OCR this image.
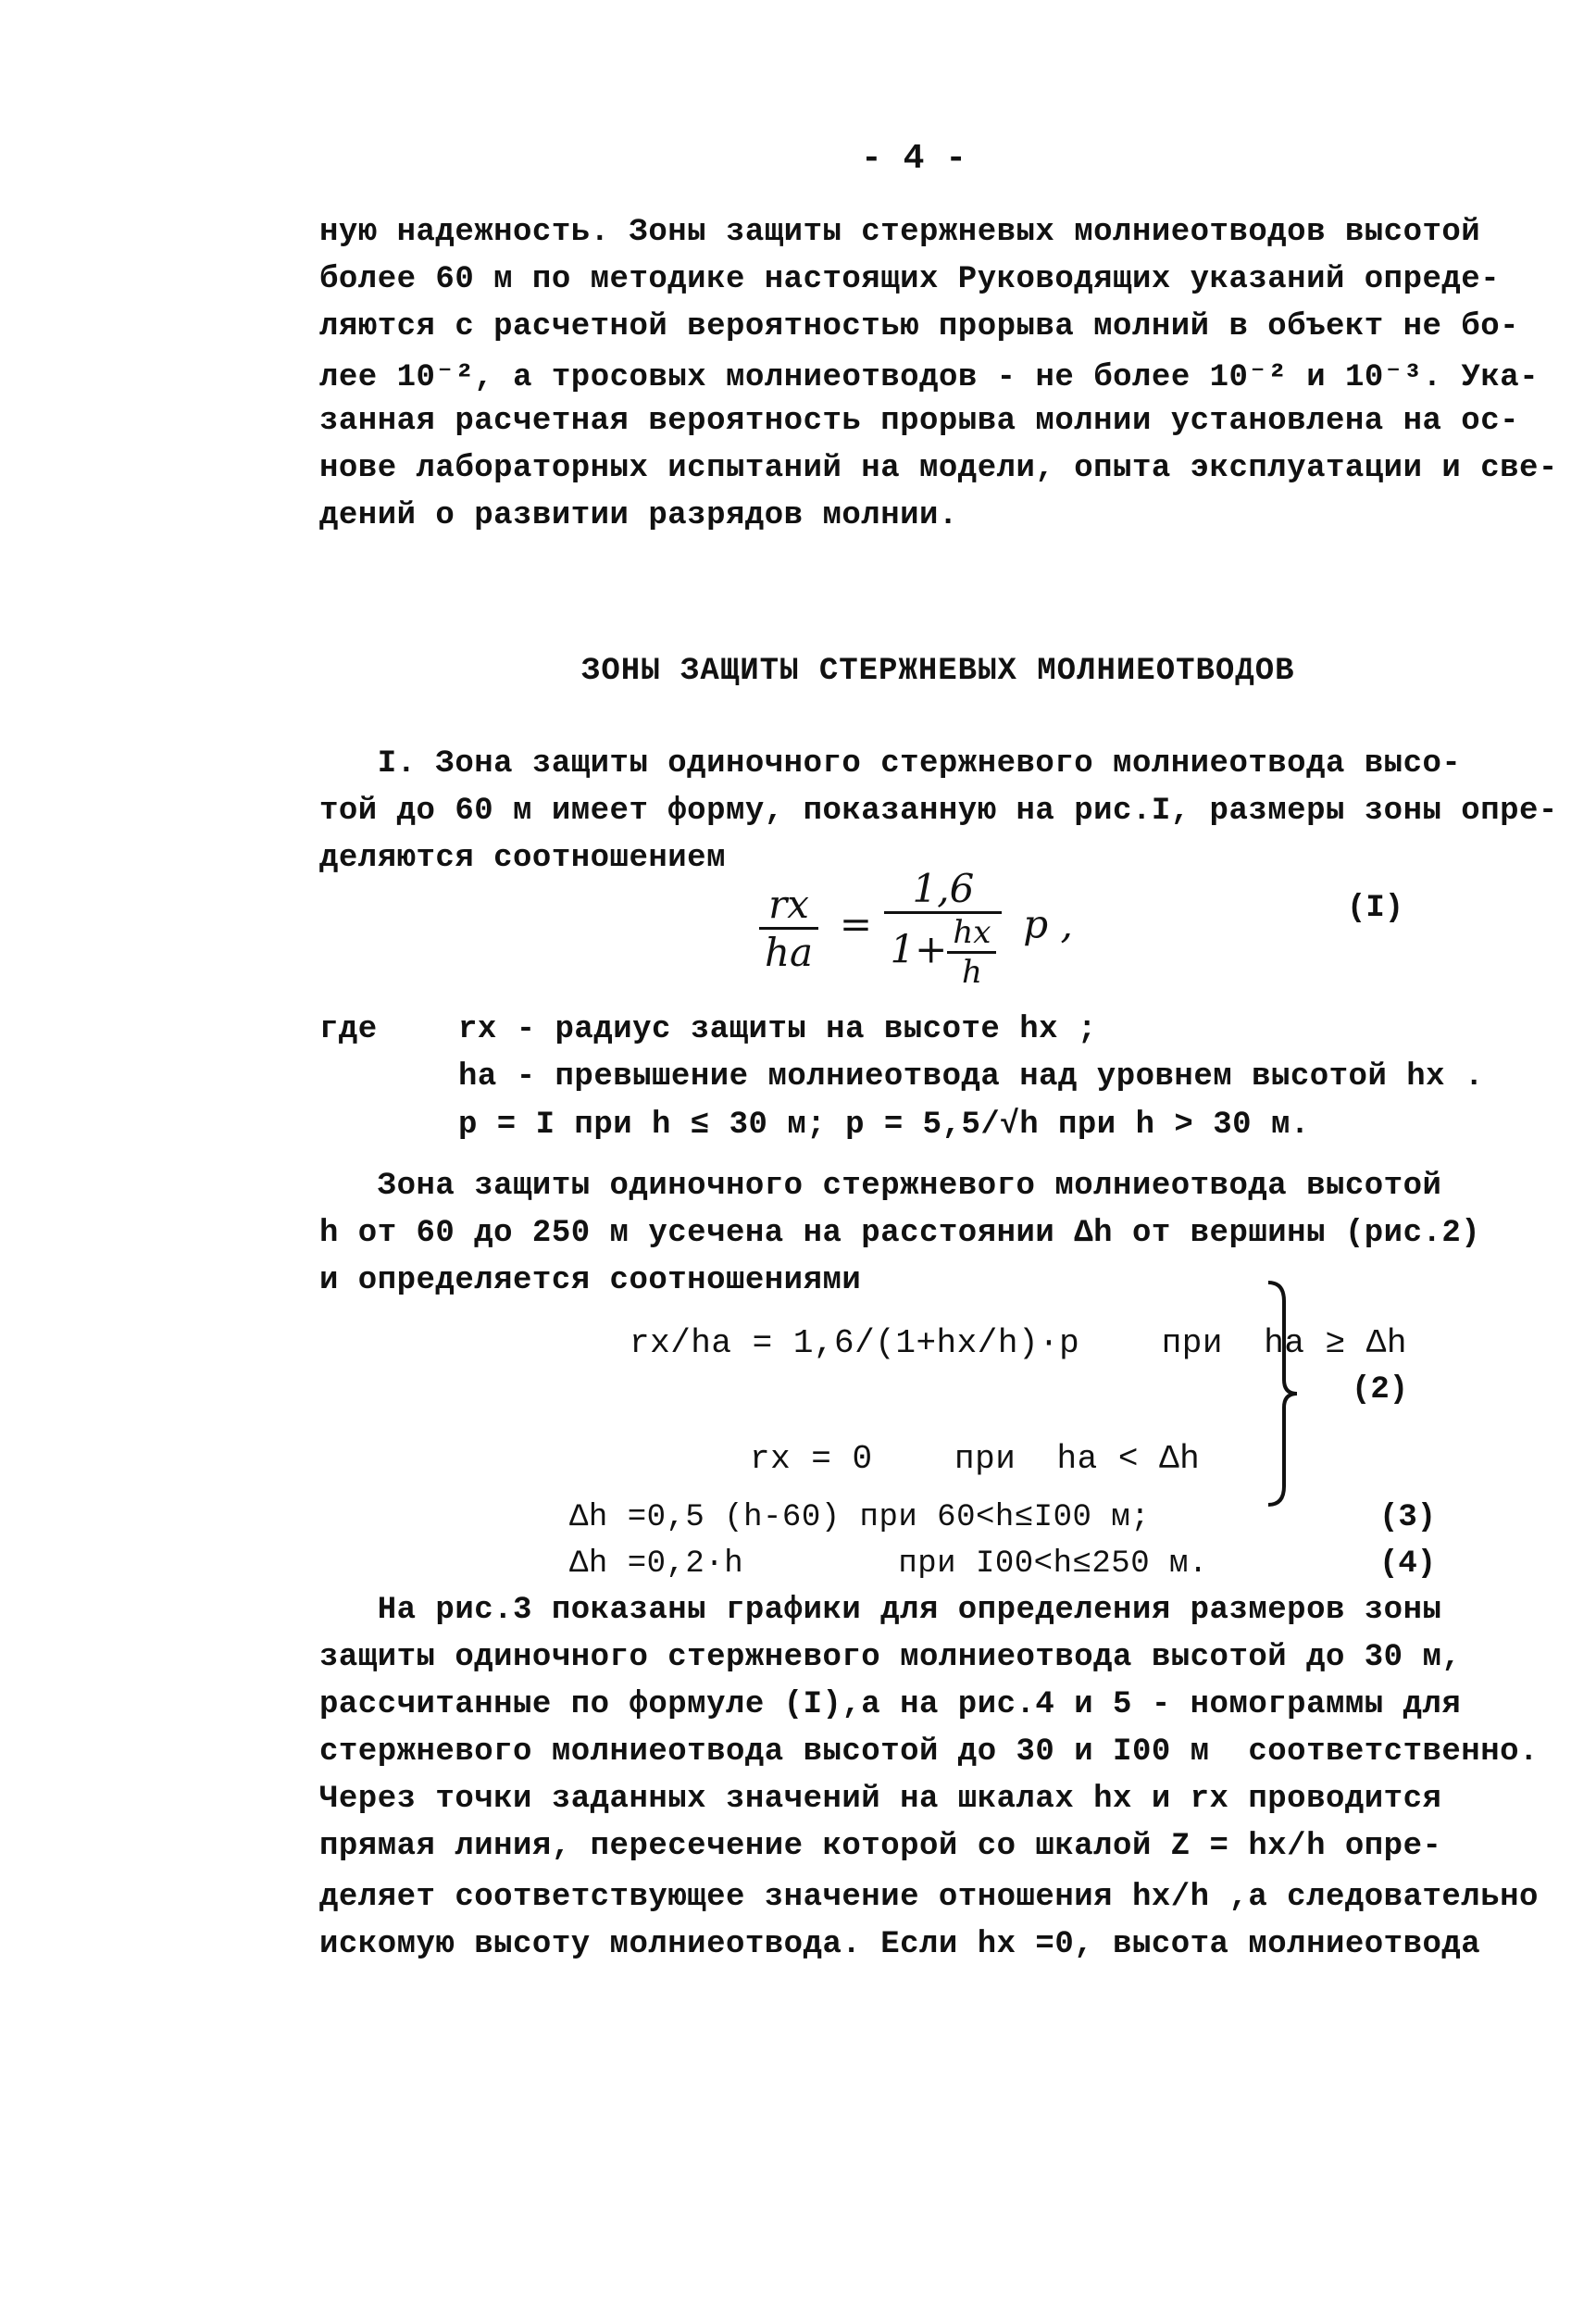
- 4 -
ную надежность. Зоны защиты стержневых молниеотводов высотой
более 60 м по методике настоящих Руководящих указаний опреде-
ляются с расчетной вероятностью прорыва молний в объект не бо-
лее 10⁻², а тросовых молниеотводов - не более 10⁻² и 10⁻³. Ука-
занная расчетная вероятность прорыва молнии установлена на ос-
нове лабораторных испытаний на модели, опыта эксплуатации и све-
дений о развитии разрядов молнии.
ЗОНЫ ЗАЩИТЫ СТЕРЖНЕВЫХ МОЛНИЕОТВОДОВ
I. Зона защиты одиночного стержневого молниеотвода высо-
той до 60 м имеет форму, показанную на рис.I, размеры зоны опре-
деляются соотношением
$\frac{rx}{ha} = \frac{1,6}{1+ \frac{hx}{h}}$ p ,	(I)
где	rx - радиус защиты на высоте hx ;
ha - превышение молниеотвода над уровнем высотой hx .
p = I при h ≤ 30 м; p = 5,5/√h при h > 30 м.
Зона защиты одиночного стержневого молниеотвода высотой
h от 60 до 250 м усечена на расстоянии Δh от вершины (рис.2)
и определяется соотношениями
rx/ha = 1,6/(1+hx/h)·p    при  ha ≥ Δh
rx = 0    при  ha < Δh
(2)
Δh =0,5 (h-60) при 60<h≤I00 м;	(3)
Δh =0,2·h        при I00<h≤250 м.	(4)
На рис.3 показаны графики для определения размеров зоны
защиты одиночного стержневого молниеотвода высотой до 30 м,
рассчитанные по формуле (I),а на рис.4 и 5 - номограммы для
стержневого молниеотвода высотой до 30 и I00 м  соответственно.
Через точки заданных значений на шкалах hx и rx проводится
прямая линия, пересечение которой со шкалой Z = hx/h опре-
деляет соответствующее значение отношения hx/h ,а следовательно
искомую высоту молниеотвода. Если hx =0, высота молниеотвода
